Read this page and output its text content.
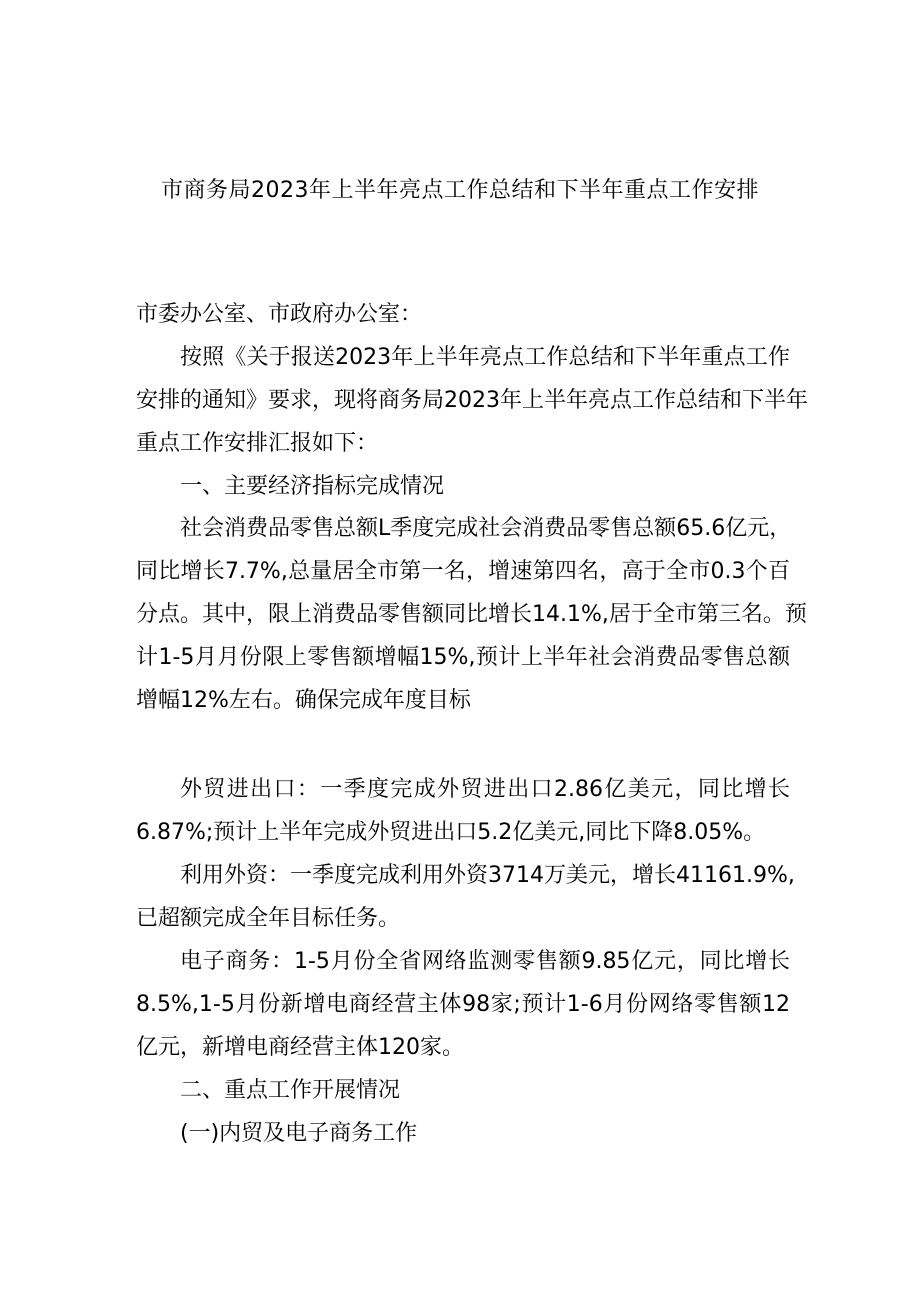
市商务局2023年上半年亮点工作总结和下半年重点工作安排
市委办公室、市政府办公室：
按照《关于报送2023年上半年亮点工作总结和下半年重点工作
安排的通知》要求，现将商务局2023年上半年亮点工作总结和下半年
重点工作安排汇报如下：
一、主要经济指标完成情况
社会消费品零售总额L季度完成社会消费品零售总额65.6亿元，
同比增长7.7%,总量居全市第一名，增速第四名，高于全市0.3个百
分点。其中，限上消费品零售额同比增长14.1%,居于全市第三名。预
计1-5月月份限上零售额增幅15%,预计上半年社会消费品零售总额
增幅12%左右。确保完成年度目标
外贸进出口：一季度完成外贸进出口2.86亿美元，同比增长
6.87%;预计上半年完成外贸进出口5.2亿美元,同比下降8.05%。
利用外资：一季度完成利用外资3714万美元，增长41161.9%,
已超额完成全年目标任务。
电子商务：1-5月份全省网络监测零售额9.85亿元，同比增长
8.5%,1-5月份新增电商经营主体98家;预计1-6月份网络零售额12
亿元，新增电商经营主体120家。
二、重点工作开展情况
(一)内贸及电子商务工作
